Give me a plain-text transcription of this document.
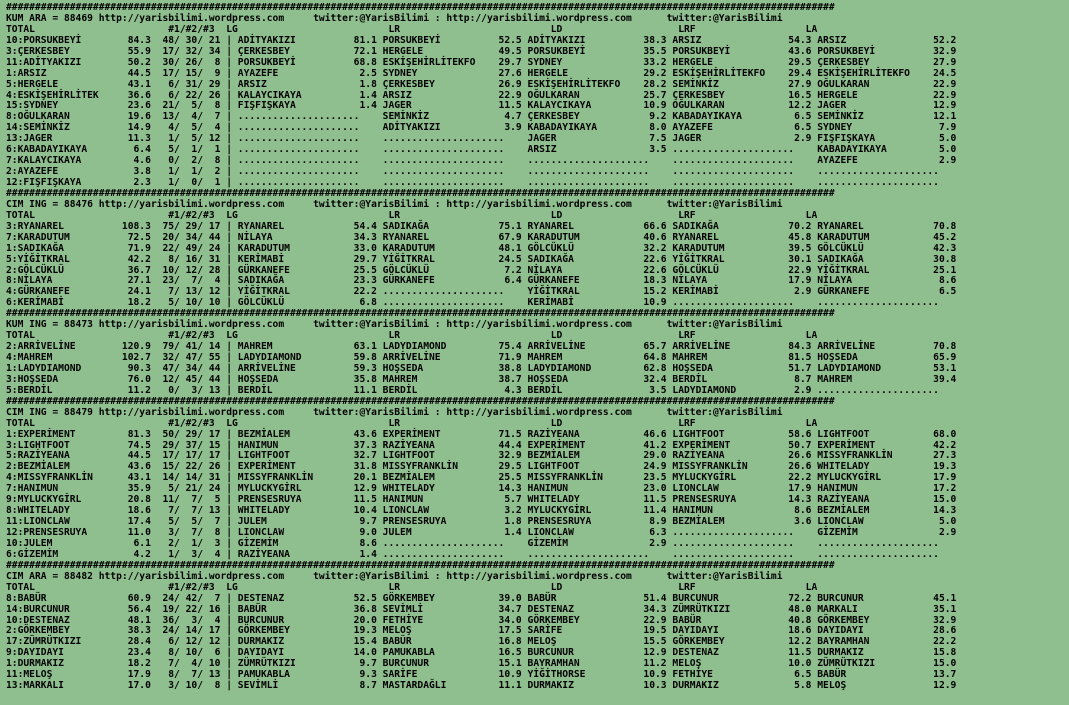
###############################################################################################################################################
KUM ARA = 88469 http://yarisbilimi.wordpress.com     twitter:@YarisBilimi : http://yarisbilimi.wordpress.com      twitter:@YarisBilimi
TOTAL                       #1/#2/#3  LG                          LR                          LD                    LRF                   LA
10:PORSUKBEYİ        84.3  48/ 30/ 21 | ADİTYAKIZI          81.1 PORSUKBEYİ          52.5 ADİTYAKIZI          38.3 ARSIZ               54.3 ARSIZ               52.2
3:ÇERKESBEY          55.9  17/ 32/ 34 | ÇERKESBEY           72.1 HERGELE             49.5 PORSUKBEYİ          35.5 PORSUKBEYİ          43.6 PORSUKBEYİ          32.9
11:ADİTYAKIZI        50.2  30/ 26/  8 | PORSUKBEYİ          68.8 ESKİŞEHİRLİTEKFO    29.7 SYDNEY              33.2 HERGELE             29.5 ÇERKESBEY           27.9
1:ARSIZ              44.5  17/ 15/  9 | AYAZEFE              2.5 SYDNEY              27.6 HERGELE             29.2 ESKİŞEHİRLİTEKFO    29.4 ESKİŞEHİRLİTEKFO    24.5
5:HERGELE            43.1   6/ 31/ 29 | ARSIZ                1.8 ÇERKESBEY           26.9 ESKİŞEHİRLİTEKFO    28.2 SEMİNKİZ            27.9 OĞULKARAN           22.9
4:ESKİŞEHİRLİTEK     36.6   6/ 22/ 26 | KALAYCIKAYA          1.4 ARSIZ               22.9 OĞULKARAN           25.7 ÇERKESBEY           16.5 HERGELE             22.9
15:SYDNEY            23.6  21/  5/  8 | FIŞFIŞKAYA           1.4 JAGER               11.5 KALAYCIKAYA         10.9 OĞULKARAN           12.2 JAGER               12.9
8:OĞULKARAN          19.6  13/  4/  7 | .....................    SEMİNKİZ             4.7 ÇERKESBEY            9.2 KABADAYIKAYA         6.5 SEMİNKİZ            12.1
14:SEMİNKİZ          14.9   4/  5/  4 | .....................    ADİTYAKIZI           3.9 KABADAYIKAYA         8.0 AYAZEFE              6.5 SYDNEY               7.9
13:JAGER             11.3   1/  5/ 12 | .....................    .....................    JAGER                7.5 JAGER                2.9 FIŞFIŞKAYA           5.0
6:KABADAYIKAYA        6.4   5/  1/  1 | .....................    .....................    ARSIZ                3.5 .....................    KABADAYIKAYA         5.0
7:KALAYCIKAYA         4.6   0/  2/  8 | .....................    .....................    .....................    .....................    AYAZEFE              2.9
2:AYAZEFE             3.8   1/  1/  2 | .....................    .....................    .....................    .....................    .....................
12:FIŞFIŞKAYA         2.3   1/  0/  1 | .....................    .....................    .....................    .....................    .....................
###############################################################################################################################################
CIM ING = 88476 http://yarisbilimi.wordpress.com     twitter:@YarisBilimi : http://yarisbilimi.wordpress.com      twitter:@YarisBilimi
TOTAL                       #1/#2/#3  LG                          LR                          LD                    LRF                   LA
3:RYANAREL          108.3  75/ 29/ 17 | RYANAREL            54.4 SADIKAĞA            75.1 RYANAREL            66.6 SADIKAĞA            70.2 RYANAREL            70.8
7:KARADUTUM          72.5  20/ 34/ 44 | NİLAYA              34.3 RYANAREL            67.9 KARADUTUM           40.6 RYANAREL            45.8 KARADUTUM           45.2
1:SADIKAĞA           71.9  22/ 49/ 24 | KARADUTUM           33.0 KARADUTUM           48.1 GÖLCÜKLÜ            32.2 KARADUTUM           39.5 GÖLCÜKLÜ            42.3
5:YİĞİTKRAL          42.2   8/ 16/ 31 | KERİMABİ            29.7 YİĞİTKRAL           24.5 SADIKAĞA            22.6 YİĞİTKRAL           30.1 SADIKAĞA            30.8
2:GÖLCÜKLÜ           36.7  10/ 12/ 28 | GÜRKANEFE           25.5 GÖLCÜKLÜ             7.2 NİLAYA              22.6 GÖLCÜKLÜ            22.9 YİĞİTKRAL           25.1
8:NİLAYA             27.1  23/  7/  4 | SADIKAĞA            23.3 GÜRKANEFE            6.4 GÜRKANEFE           18.3 NİLAYA              17.9 NİLAYA               8.6
4:GÜRKANEFE          24.1   7/ 13/ 12 | YİĞİTKRAL           22.2 .....................    YİĞİTKRAL           15.2 KERİMABİ             2.9 GÜRKANEFE            6.5
6:KERİMABİ           18.2   5/ 10/ 10 | GÖLCÜKLÜ             6.8 .....................    KERİMABİ            10.9 .....................    .....................
###############################################################################################################################################
KUM ING = 88473 http://yarisbilimi.wordpress.com     twitter:@YarisBilimi : http://yarisbilimi.wordpress.com      twitter:@YarisBilimi
TOTAL                       #1/#2/#3  LG                          LR                          LD                    LRF                   LA
2:ARRİVELİNE        120.9  79/ 41/ 14 | MAHREM              63.1 LADYDIAMOND         75.4 ARRİVELİNE          65.7 ARRİVELİNE          84.3 ARRİVELİNE          70.8
4:MAHREM            102.7  32/ 47/ 55 | LADYDIAMOND         59.8 ARRİVELİNE          71.9 MAHREM              64.8 MAHREM              81.5 HOŞSEDA             65.9
1:LADYDIAMOND        90.3  47/ 34/ 44 | ARRİVELİNE          59.3 HOŞSEDA             38.8 LADYDIAMOND         62.8 HOŞSEDA             51.7 LADYDIAMOND         53.1
3:HOŞSEDA            76.0  12/ 45/ 44 | HOŞSEDA             35.8 MAHREM              38.7 HOŞSEDA             32.4 BERDİL               8.7 MAHREM              39.4
5:BERDİL             11.2   0/  3/ 13 | BERDİL              11.1 BERDİL               4.3 BERDİL               3.5 LADYDIAMOND          2.9 .....................
###############################################################################################################################################
CIM ING = 88479 http://yarisbilimi.wordpress.com     twitter:@YarisBilimi : http://yarisbilimi.wordpress.com      twitter:@YarisBilimi
TOTAL                       #1/#2/#3  LG                          LR                          LD                    LRF                   LA
1:EXPERİMENT         81.3  50/ 29/ 17 | BEZMİALEM           43.6 EXPERİMENT          71.5 RAZİYEANA           46.6 LIGHTFOOT           58.6 LIGHTFOOT           68.0
3:LIGHTFOOT          74.5  29/ 37/ 15 | HANIMUN             37.3 RAZİYEANA           44.4 EXPERİMENT          41.2 EXPERİMENT          50.7 EXPERİMENT          42.2
5:RAZİYEANA          44.5  17/ 17/ 17 | LIGHTFOOT           32.7 LIGHTFOOT           32.9 BEZMİALEM           29.0 RAZİYEANA           26.6 MISSYFRANKLİN       27.3
2:BEZMİALEM          43.6  15/ 22/ 26 | EXPERİMENT          31.8 MISSYFRANKLİN       29.5 LIGHTFOOT           24.9 MISSYFRANKLİN       26.6 WHITELADY           19.3
4:MISSYFRANKLİN      43.1  14/ 14/ 31 | MISSYFRANKLİN       20.1 BEZMİALEM           25.5 MISSYFRANKLİN       23.5 MYLUCKYGİRL         22.2 MYLUCKYGİRL         17.9
7:HANIMUN            35.9   5/ 21/ 24 | MYLUCKYGİRL         12.9 WHITELADY           14.3 HANIMUN             23.0 LIONCLAW            17.9 HANIMUN             17.2
9:MYLUCKYGİRL        20.8  11/  7/  5 | PRENSESRUYA         11.5 HANIMUN              5.7 WHITELADY           11.5 PRENSESRUYA         14.3 RAZİYEANA           15.0
8:WHITELADY          18.6   7/  7/ 13 | WHITELADY           10.4 LIONCLAW             3.2 MYLUCKYGİRL         11.4 HANIMUN              8.6 BEZMİALEM           14.3
11:LIONCLAW          17.4   5/  5/  7 | JULEM                9.7 PRENSESRUYA          1.8 PRENSESRUYA          8.9 BEZMİALEM            3.6 LIONCLAW             5.0
12:PRENSESRUYA       11.0   3/  7/  8 | LIONCLAW             9.0 JULEM                1.4 LIONCLAW             6.3 .....................    GİZEMİM              2.9
10:JULEM              6.1   2/  1/  3 | GİZEMİM              8.6 .....................    GİZEMİM              2.9 .....................    .....................
6:GİZEMİM             4.2   1/  3/  4 | RAZİYEANA            1.4 .....................    .....................    .....................    .....................
###############################################################################################################################################
CIM ARA = 88482 http://yarisbilimi.wordpress.com     twitter:@YarisBilimi : http://yarisbilimi.wordpress.com      twitter:@YarisBilimi
TOTAL                       #1/#2/#3  LG                          LR                          LD                    LRF                   LA
8:BABÜR              60.9  24/ 42/  7 | DESTENAZ            52.5 GÖRKEMBEY           39.0 BABÜR               51.4 BURCUNUR            72.2 BURCUNUR            45.1
14:BURCUNUR          56.4  19/ 22/ 16 | BABÜR               36.8 SEVİMLİ             34.7 DESTENAZ            34.3 ZÜMRÜTKIZI          48.0 MARKALI             35.1
10:DESTENAZ          48.1  36/  3/  4 | BURCUNUR            20.0 FETHİYE             34.0 GÖRKEMBEY           22.9 BABÜR               40.8 GÖRKEMBEY           32.9
2:GÖRKEMBEY          38.3  24/ 14/ 17 | GÖRKEMBEY           19.3 MELOŞ               17.5 SARİFE              19.5 DAYIDAYI            18.6 DAYIDAYI            28.6
17:ZÜMRÜTKIZI        28.4   6/ 12/ 12 | DURMAKIZ            15.4 BABÜR               16.8 MELOŞ               15.5 GÖRKEMBEY           12.2 BAYRAMHAN           22.2
9:DAYIDAYI           23.4   8/ 10/  6 | DAYIDAYI            14.0 PAMUKABLA           16.5 BURCUNUR            12.9 DESTENAZ            11.5 DURMAKIZ            15.8
1:DURMAKIZ           18.2   7/  4/ 10 | ZÜMRÜTKIZI           9.7 BURCUNUR            15.1 BAYRAMHAN           11.2 MELOŞ               10.0 ZÜMRÜTKIZI          15.0
11:MELOŞ             17.9   8/  7/ 13 | PAMUKABLA            9.3 SARİFE              10.9 YİĞİTHORSE          10.9 FETHİYE              6.5 BABÜR               13.7
13:MARKALI           17.0   3/ 10/  8 | SEVİMLİ              8.7 MASTARDAĞLI         11.1 DURMAKIZ            10.3 DURMAKIZ             5.8 MELOŞ               12.9
